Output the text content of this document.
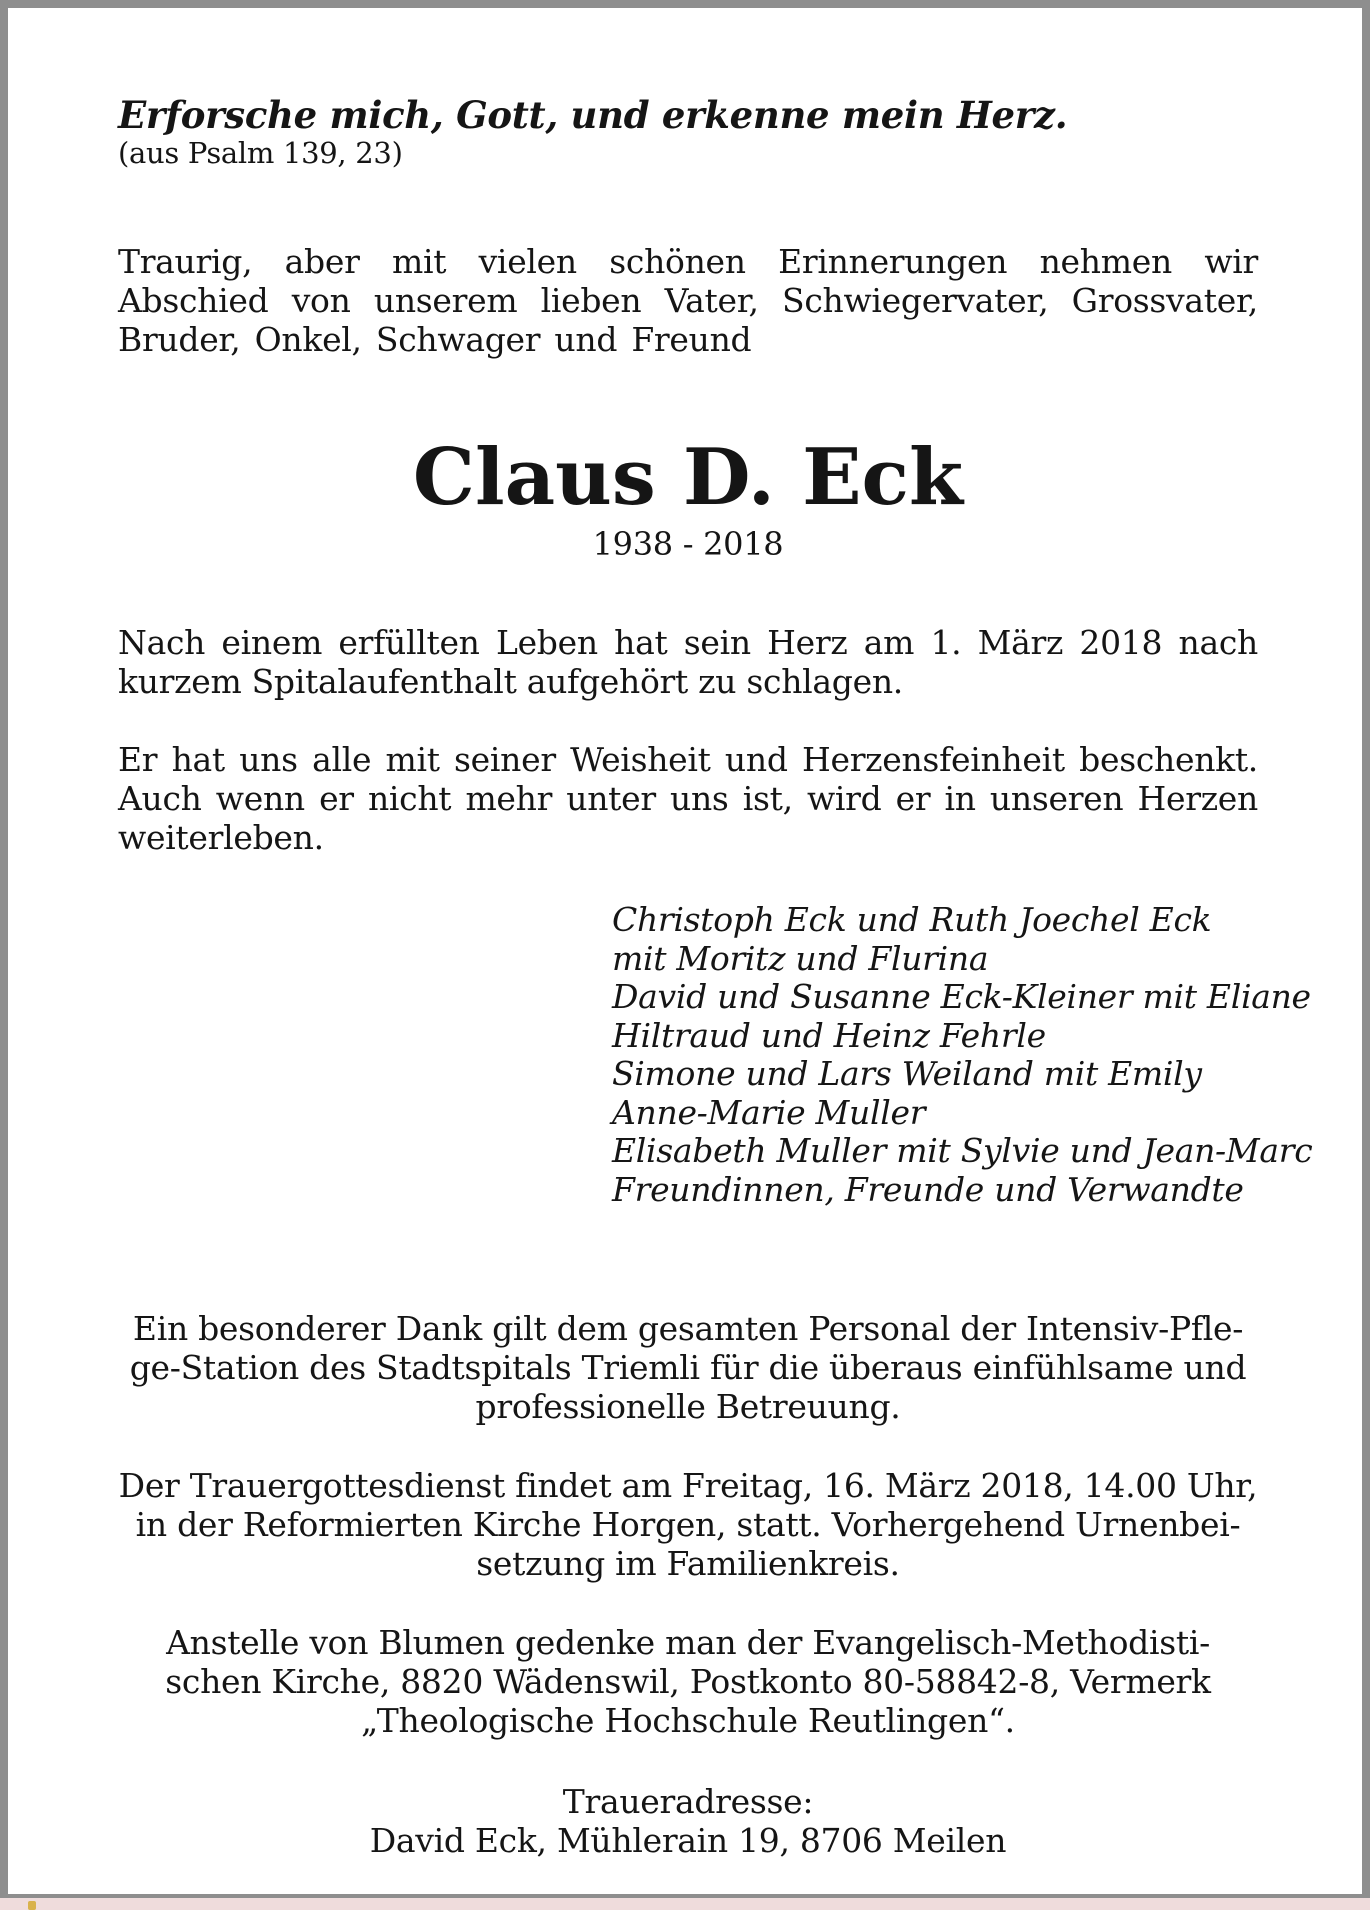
Erforsche mich, Gott, und erkenne mein Herz.

(aus Psalm 139, 23)

Traurig, aber mit vielen schönen Erinnerungen nehmen wir Abschied von unserem lieben Vater, Schwiegervater, Grossvater, Bruder, Onkel, Schwager und Freund

Claus D. Eck

1938 - 2018

Nach einem erfüllten Leben hat sein Herz am 1. März 2018 nach kurzem Spitalaufenthalt aufgehört zu schlagen.

Er hat uns alle mit seiner Weisheit und Herzensfeinheit beschenkt. Auch wenn er nicht mehr unter uns ist, wird er in unseren Herzen weiterleben.

Christoph Eck und Ruth Joechel Eck
mit Moritz und Flurina
David und Susanne Eck-Kleiner mit Eliane
Hiltraud und Heinz Fehrle
Simone und Lars Weiland mit Emily
Anne-Marie Muller
Elisabeth Muller mit Sylvie und Jean-Marc
Freundinnen, Freunde und Verwandte
Ein besonderer Dank gilt dem gesamten Personal der Intensiv-Pfle-
ge-Station des Stadtspitals Triemli für die überaus einfühlsame und
professionelle Betreuung.
Der Trauergottesdienst findet am Freitag, 16. März 2018, 14.00 Uhr,
in der Reformierten Kirche Horgen, statt. Vorhergehend Urnenbei-
setzung im Familienkreis.
Anstelle von Blumen gedenke man der Evangelisch-Methodisti-
schen Kirche, 8820 Wädenswil, Postkonto 80-58842-8, Vermerk
„Theologische Hochschule Reutlingen“.
Traueradresse:
David Eck, Mühlerain 19, 8706 Meilen
